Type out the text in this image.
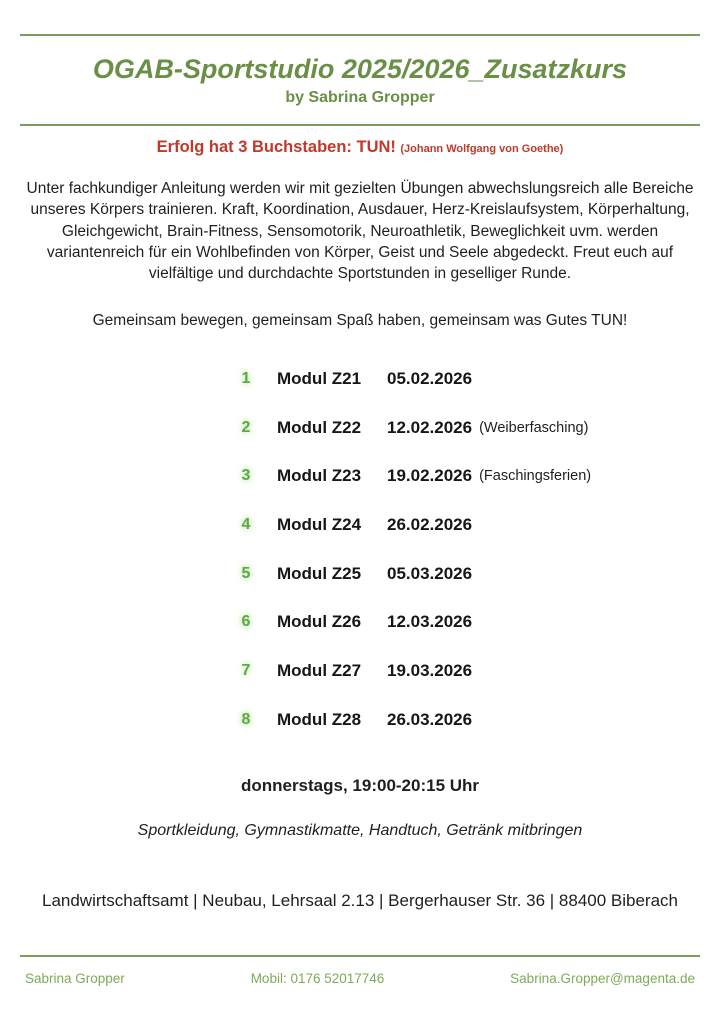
OGAB-Sportstudio 2025/2026_Zusatzkurs
by Sabrina Gropper
Erfolg hat 3 Buchstaben: TUN! (Johann Wolfgang von Goethe)
Unter fachkundiger Anleitung werden wir mit gezielten Übungen abwechslungsreich alle Bereiche unseres Körpers trainieren. Kraft, Koordination, Ausdauer, Herz-Kreislaufsystem, Körperhaltung, Gleichgewicht, Brain-Fitness, Sensomotorik, Neuroathletik, Beweglichkeit uvm. werden variantenreich für ein Wohlbefinden von Körper, Geist und Seele abgedeckt. Freut euch auf vielfältige und durchdachte Sportstunden in geselliger Runde.
Gemeinsam bewegen, gemeinsam Spaß haben, gemeinsam was Gutes TUN!
1	Modul Z21	05.02.2026
2	Modul Z22	12.02.2026 (Weiberfasching)
3	Modul Z23	19.02.2026 (Faschingsferien)
4	Modul Z24	26.02.2026
5	Modul Z25	05.03.2026
6	Modul Z26	12.03.2026
7	Modul Z27	19.03.2026
8	Modul Z28	26.03.2026
donnerstags, 19:00-20:15 Uhr
Sportkleidung, Gymnastikmatte, Handtuch, Getränk mitbringen
Landwirtschaftsamt | Neubau, Lehrsaal 2.13 | Bergerhauser Str. 36 | 88400 Biberach
Sabrina Gropper	Mobil: 0176 52017746	Sabrina.Gropper@magenta.de
